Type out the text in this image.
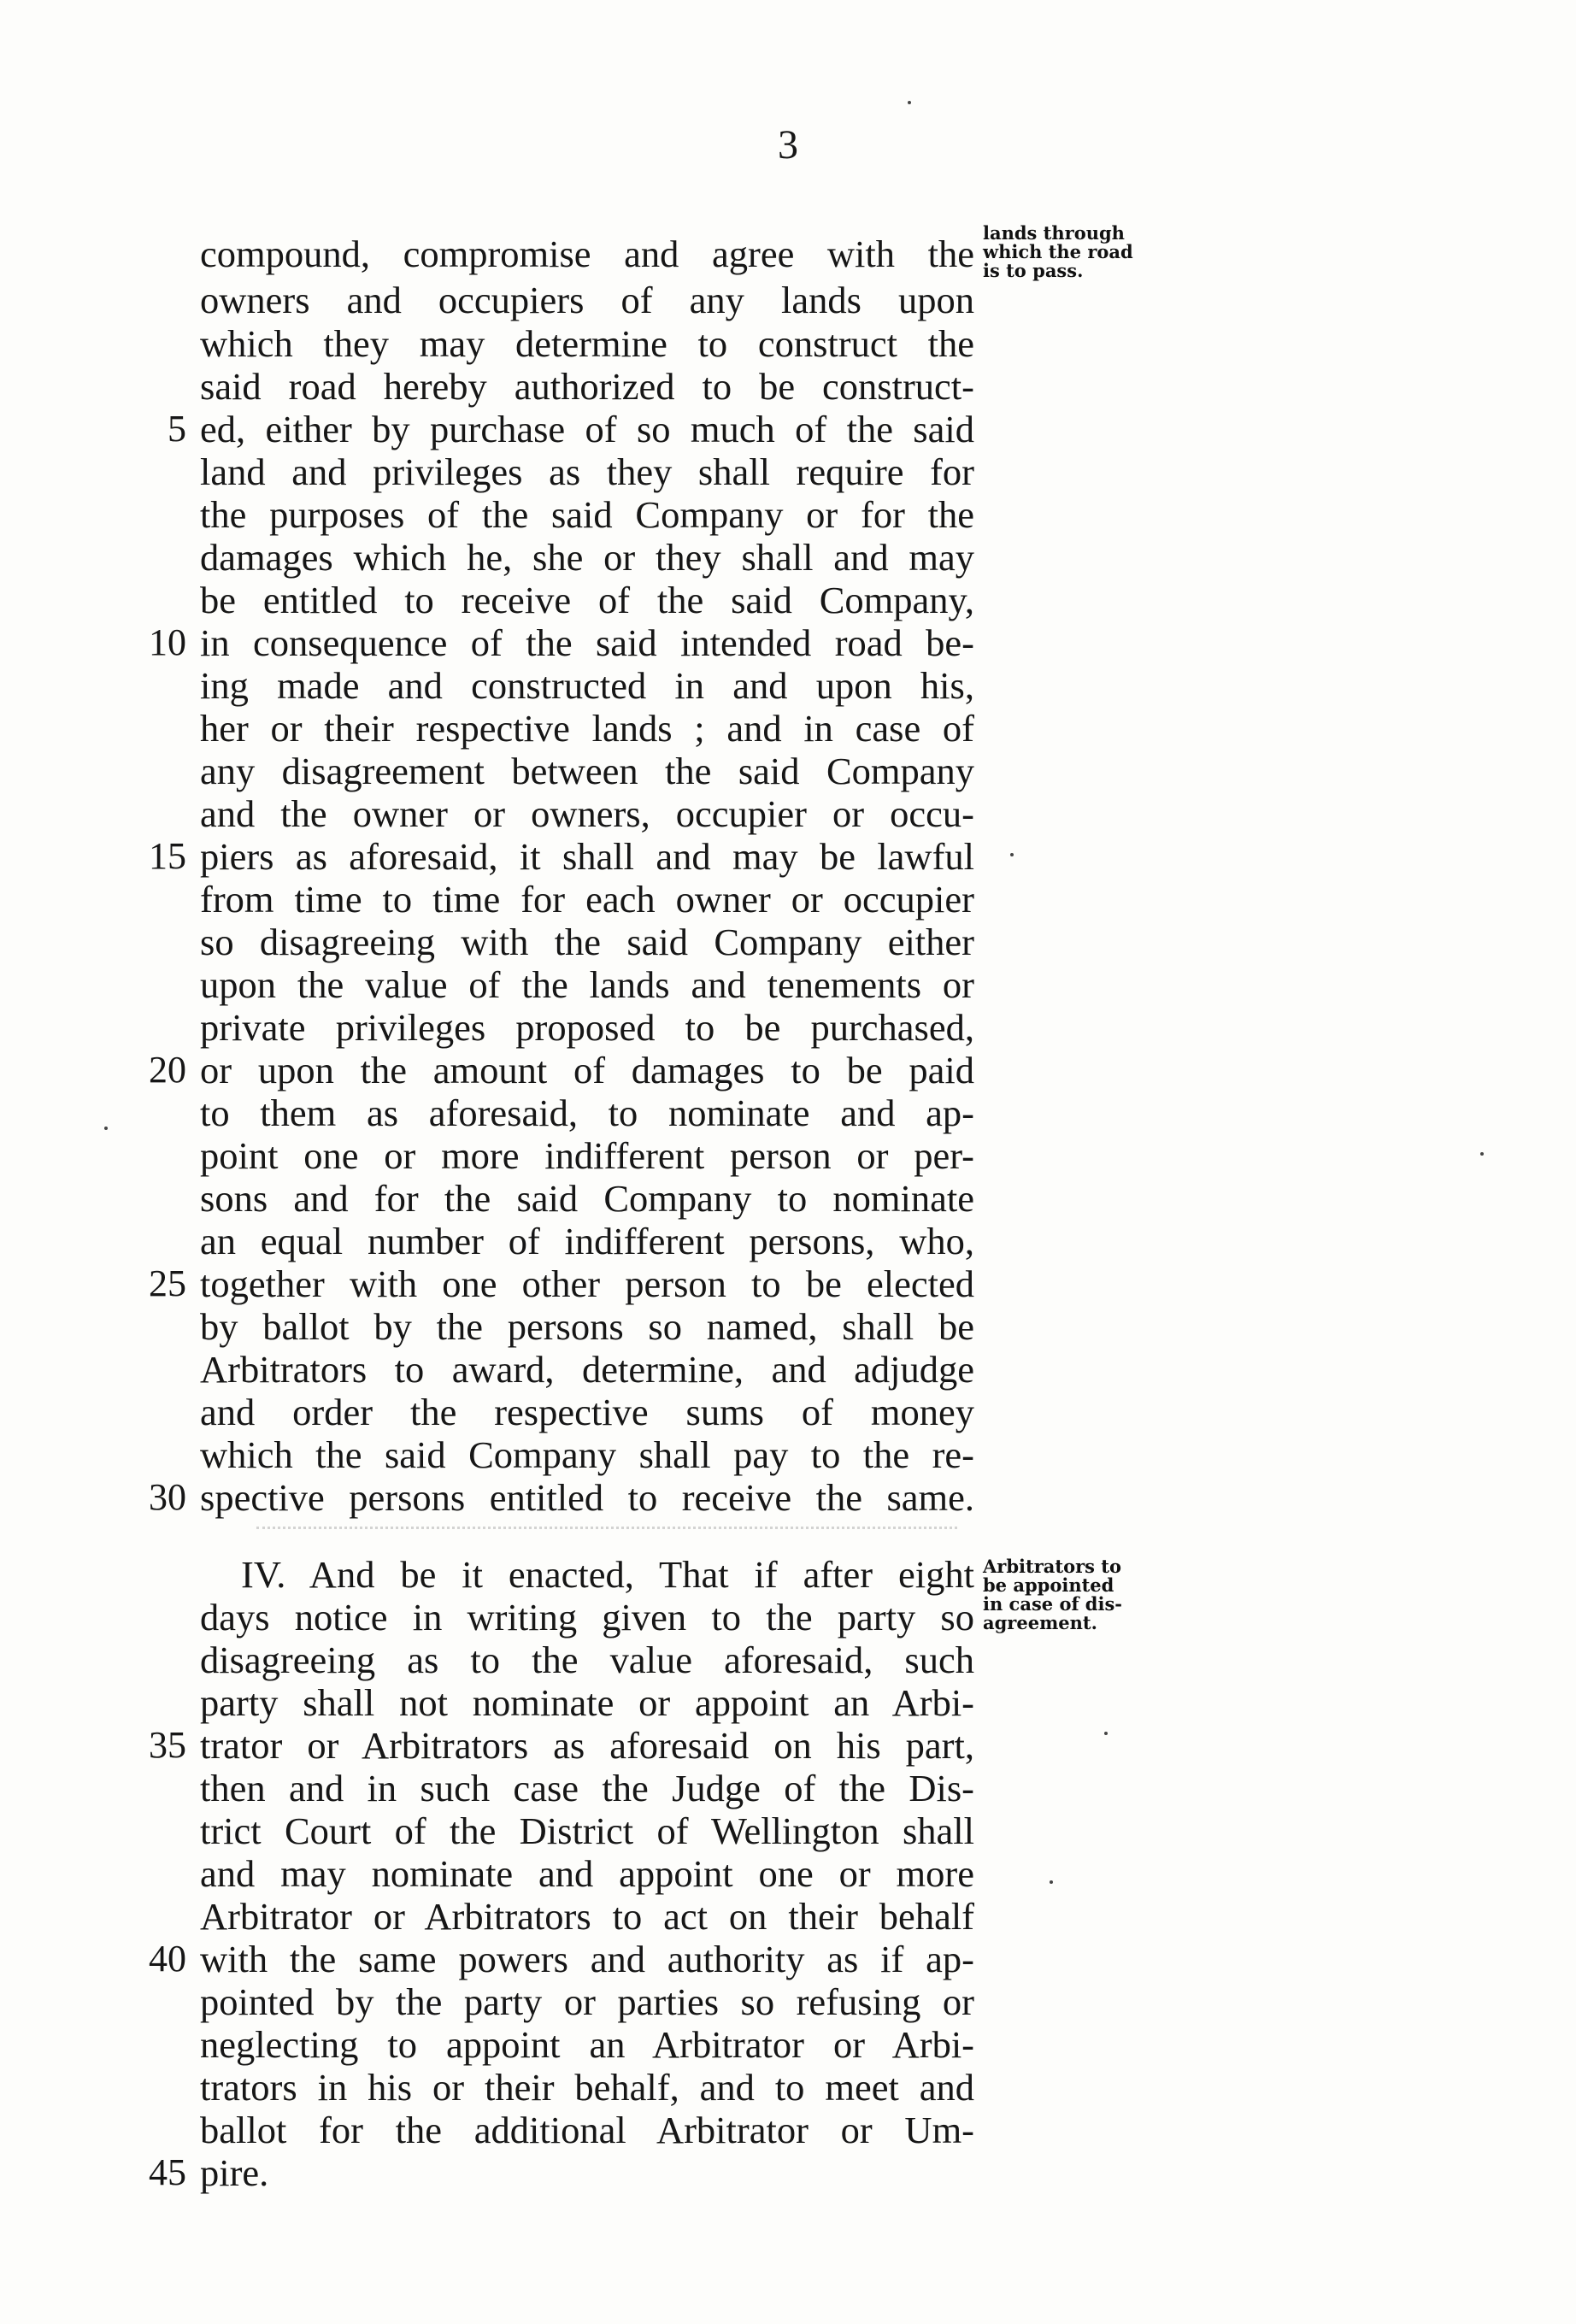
3
compound, compromise and agree with the
owners and occupiers of any lands upon
which they may determine to construct the
said road hereby authorized to be construct-
ed, either by purchase of so much of the said
land and privileges as they shall require for
the purposes of the said Company or for the
damages which he, she or they shall and may
be entitled to receive of the said Company,
in consequence of the said intended road be-
ing made and constructed in and upon his,
her or their respective lands ; and in case of
any disagreement between the said Company
and the owner or owners, occupier or occu-
piers as aforesaid, it shall and may be lawful
from time to time for each owner or occupier
so disagreeing with the said Company either
upon the value of the lands and tenements or
private privileges proposed to be purchased,
or upon the amount of damages to be paid
to them as aforesaid, to nominate and ap-
point one or more indifferent person or per-
sons and for the said Company to nominate
an equal number of indifferent persons, who,
together with one other person to be elected
by ballot by the persons so named, shall be
Arbitrators to award, determine, and adjudge
and order the respective sums of money
which the said Company shall pay to the re-
spective persons entitled to receive the same.
lands through
which the road
is to pass.
IV. And be it enacted, That if after eight
days notice in writing given to the party so
disagreeing as to the value aforesaid, such
party shall not nominate or appoint an Arbi-
trator or Arbitrators as aforesaid on his part,
then and in such case the Judge of the Dis-
trict Court of the District of Wellington shall
and may nominate and appoint one or more
Arbitrator or Arbitrators to act on their behalf
with the same powers and authority as if ap-
pointed by the party or parties so refusing or
neglecting to appoint an Arbitrator or Arbi-
trators in his or their behalf, and to meet and
ballot for the additional Arbitrator or Um-
pire.
Arbitrators to
be appointed
in case of dis-
agreement.
5
10
15
20
25
30
35
40
45
